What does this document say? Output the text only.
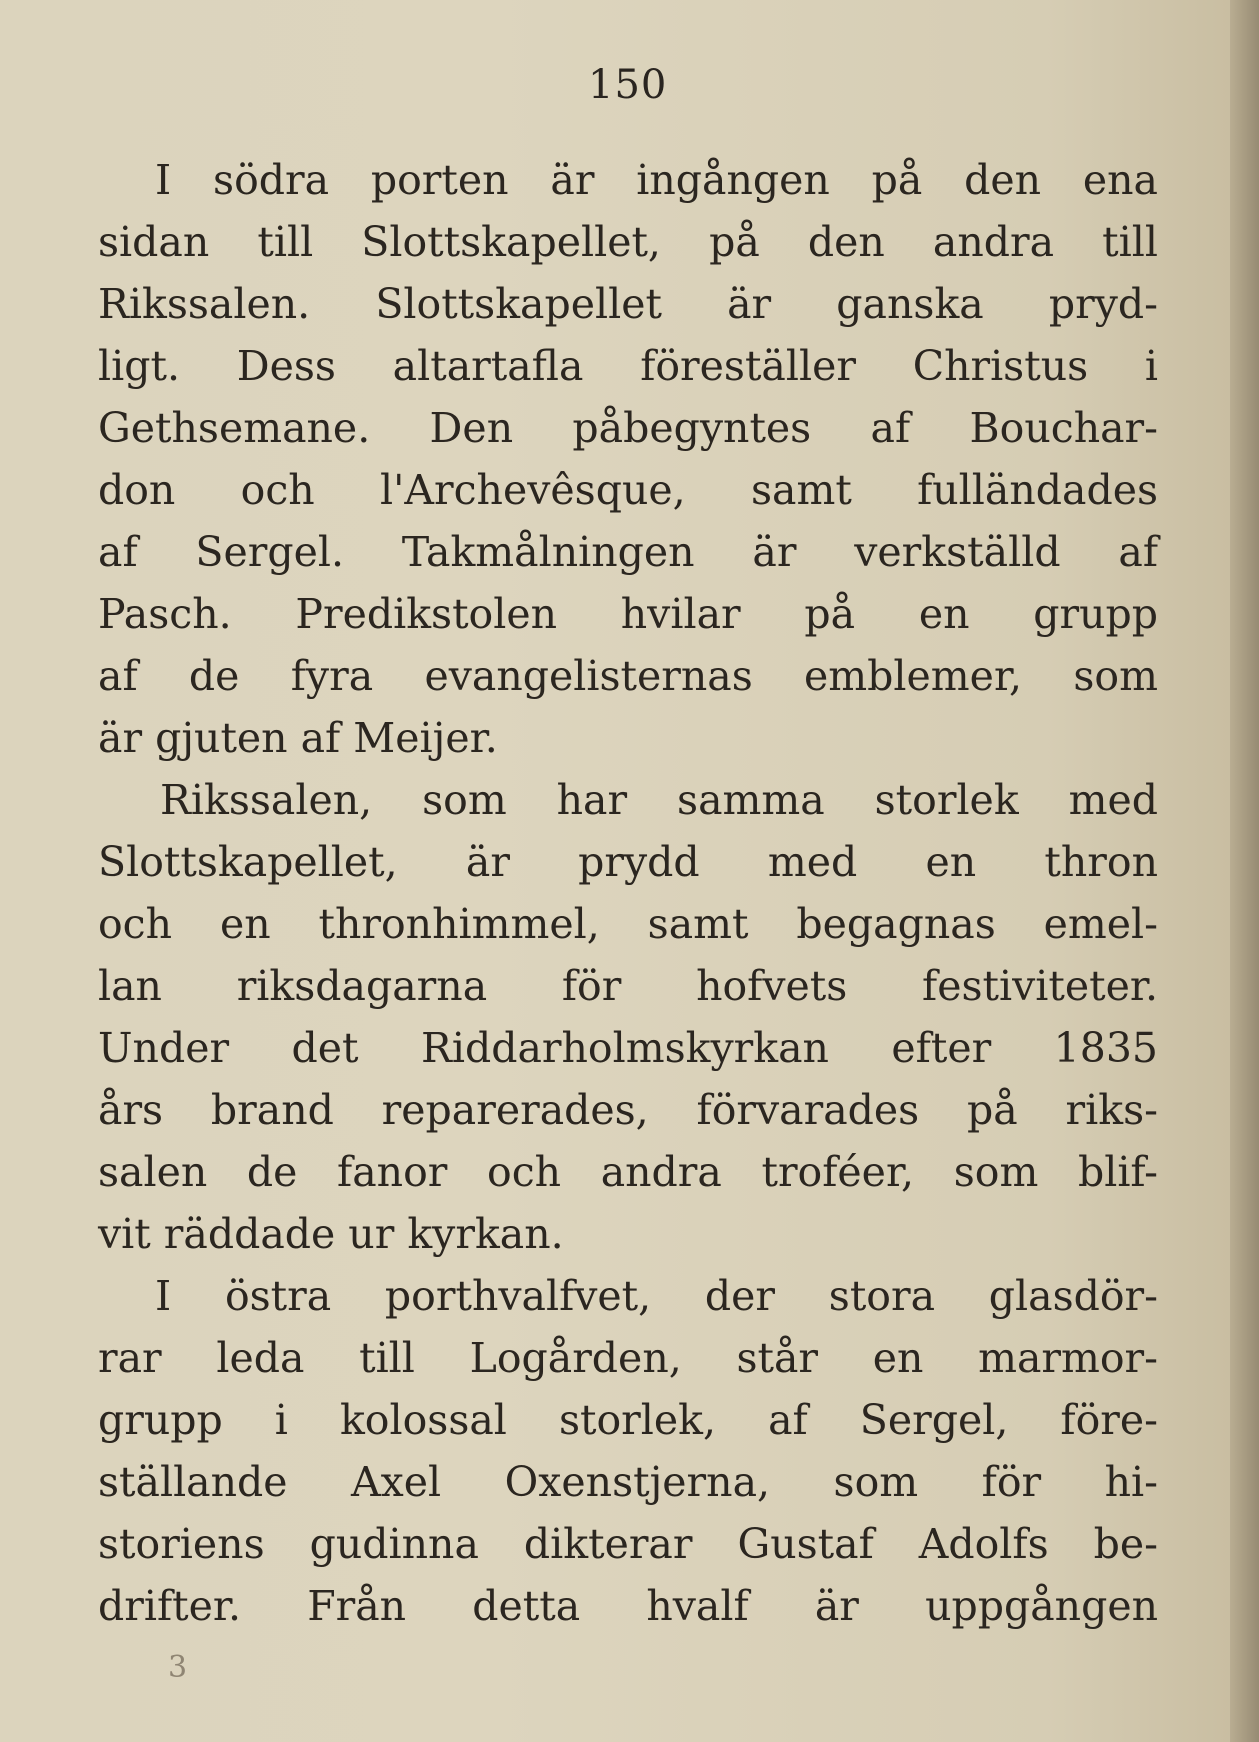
150
I södra porten är ingången på den ena
sidan till Slottskapellet, på den andra till
Rikssalen. Slottskapellet är ganska pryd-
ligt. Dess altartafla föreställer Christus i
Gethsemane. Den påbegyntes af Bouchar-
don och l'Archevêsque, samt fulländades
af Sergel. Takmålningen är verkställd af
Pasch. Predikstolen hvilar på en grupp
af de fyra evangelisternas emblemer, som
är gjuten af Meijer.
Rikssalen, som har samma storlek med
Slottskapellet, är prydd med en thron
och en thronhimmel, samt begagnas emel-
lan riksdagarna för hofvets festiviteter.
Under det Riddarholmskyrkan efter 1835
års brand reparerades, förvarades på riks-
salen de fanor och andra troféer, som blif-
vit räddade ur kyrkan.
I östra porthvalfvet, der stora glasdör-
rar leda till Logården, står en marmor-
grupp i kolossal storlek, af Sergel, före-
ställande Axel Oxenstjerna, som för hi-
storiens gudinna dikterar Gustaf Adolfs be-
drifter. Från detta hvalf är uppgången
3
